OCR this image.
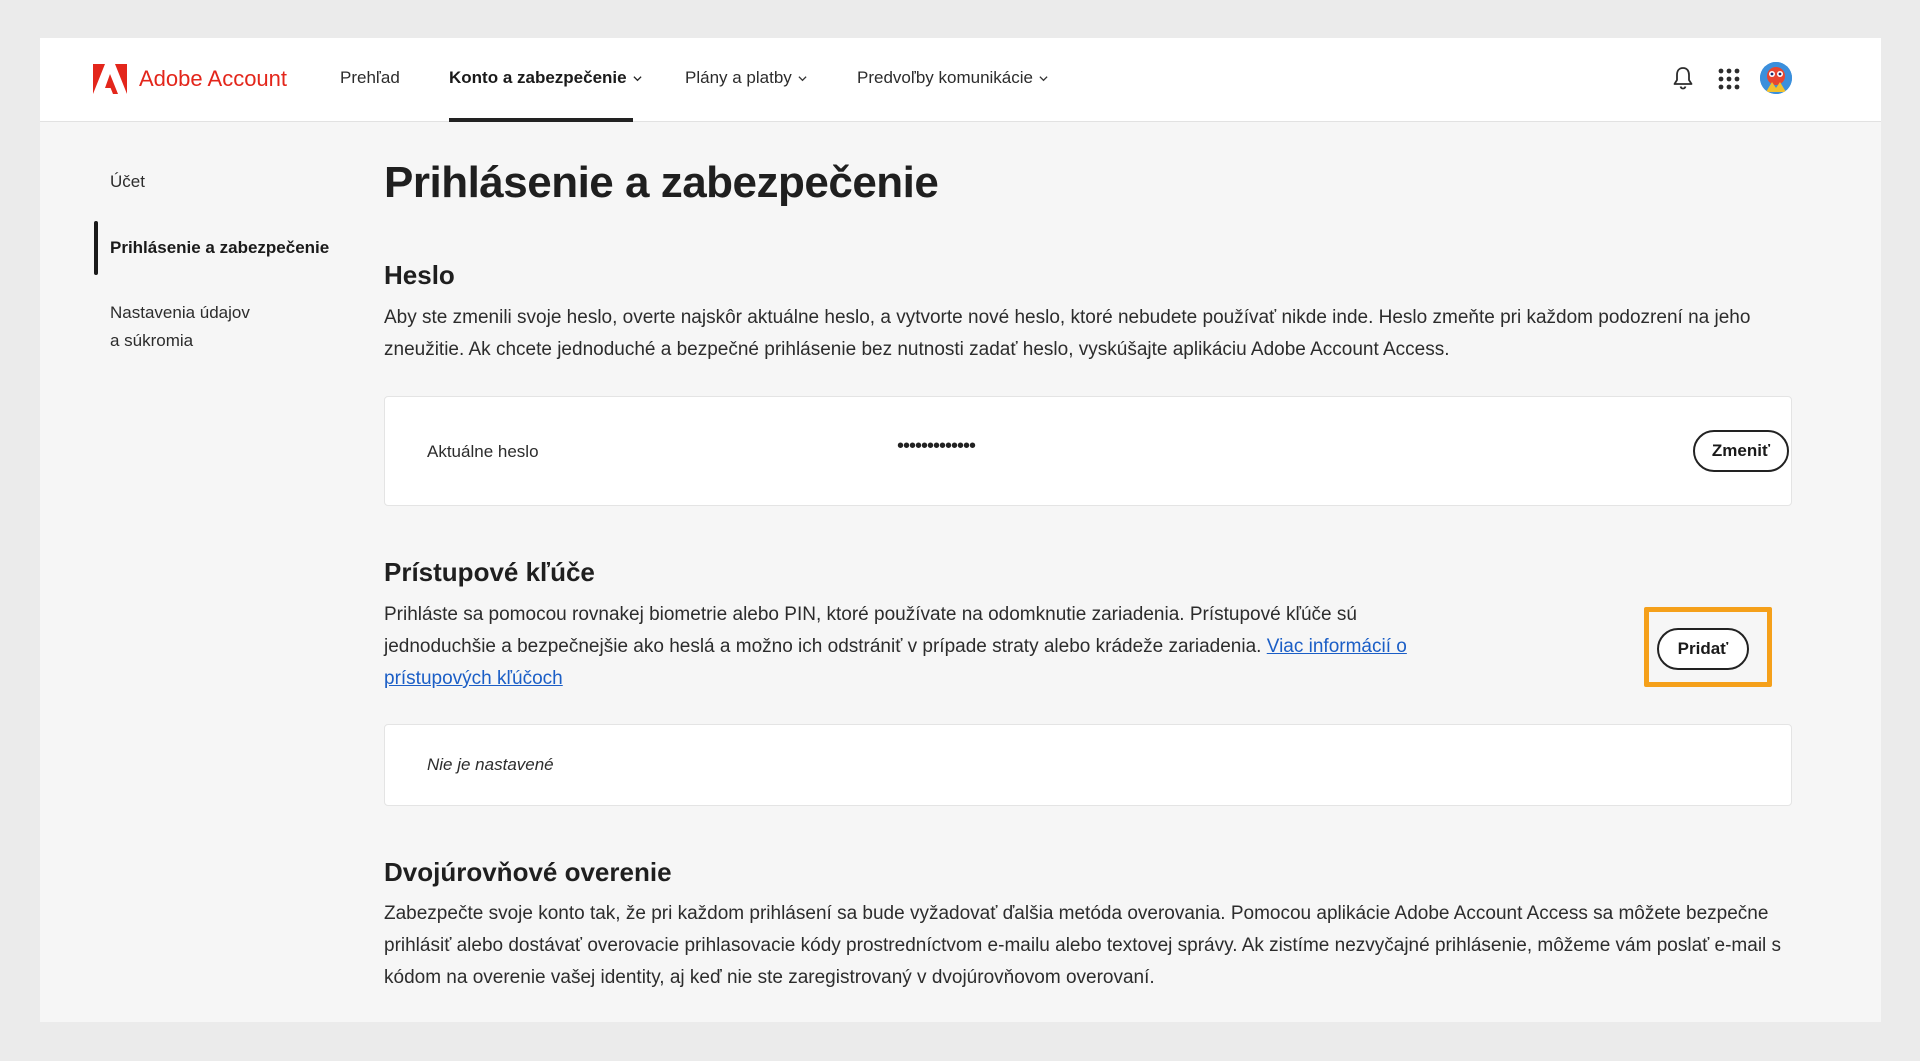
Adobe Account	Prehľad	Konto a zabezpečenie	Plány a platby	Predvoľby komunikácie
Účet
Prihlásenie a zabezpečenie
Nastavenia údajov
a súkromia
Prihlásenie a zabezpečenie
Heslo

Aby ste zmenili svoje heslo, overte najskôr aktuálne heslo, a vytvorte nové heslo, ktoré nebudete používať nikde inde. Heslo zmeňte pri každom podozrení na jeho zneužitie. Ak chcete jednoduché a bezpečné prihlásenie bez nutnosti zadať heslo, vyskúšajte aplikáciu Adobe Account Access.

Aktuálne heslo	•••••••••••••	Zmeniť
Prístupové kľúče

Prihláste sa pomocou rovnakej biometrie alebo PIN, ktoré používate na odomknutie zariadenia. Prístupové kľúče sú jednoduchšie a bezpečnejšie ako heslá a možno ich odstrániť v prípade straty alebo krádeže zariadenia. Viac informácií o prístupových kľúčoch

Pridať
Nie je nastavené
Dvojúrovňové overenie

Zabezpečte svoje konto tak, že pri každom prihlásení sa bude vyžadovať ďalšia metóda overovania. Pomocou aplikácie Adobe Account Access sa môžete bezpečne prihlásiť alebo dostávať overovacie prihlasovacie kódy prostredníctvom e-mailu alebo textovej správy. Ak zistíme nezvyčajné prihlásenie, môžeme vám poslať e-mail s kódom na overenie vašej identity, aj keď nie ste zaregistrovaný v dvojúrovňovom overovaní.
